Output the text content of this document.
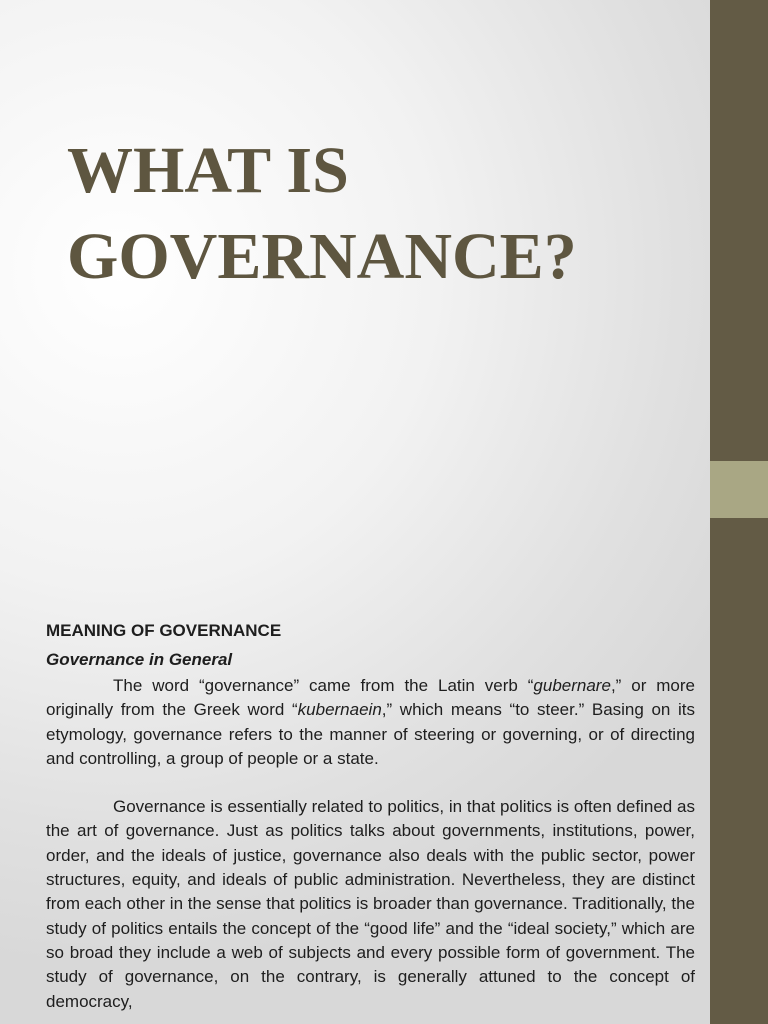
WHAT IS
GOVERNANCE?

MEANING OF GOVERNANCE

Governance in General

The word “governance” came from the Latin verb “gubernare,” or more originally from the Greek word “kubernaein,” which means “to steer.” Basing on its etymology, governance refers to the manner of steering or governing, or of directing and controlling, a group of people or a state.

Governance is essentially related to politics, in that politics is often defined as the art of governance. Just as politics talks about governments, institutions, power, order, and the ideals of justice, governance also deals with the public sector, power structures, equity, and ideals of public administration. Nevertheless, they are distinct from each other in the sense that politics is broader than governance. Traditionally, the study of politics entails the concept of the “good life” and the “ideal society,” which are so broad they include a web of subjects and every possible form of government. The study of governance, on the contrary, is generally attuned to the concept of democracy,
